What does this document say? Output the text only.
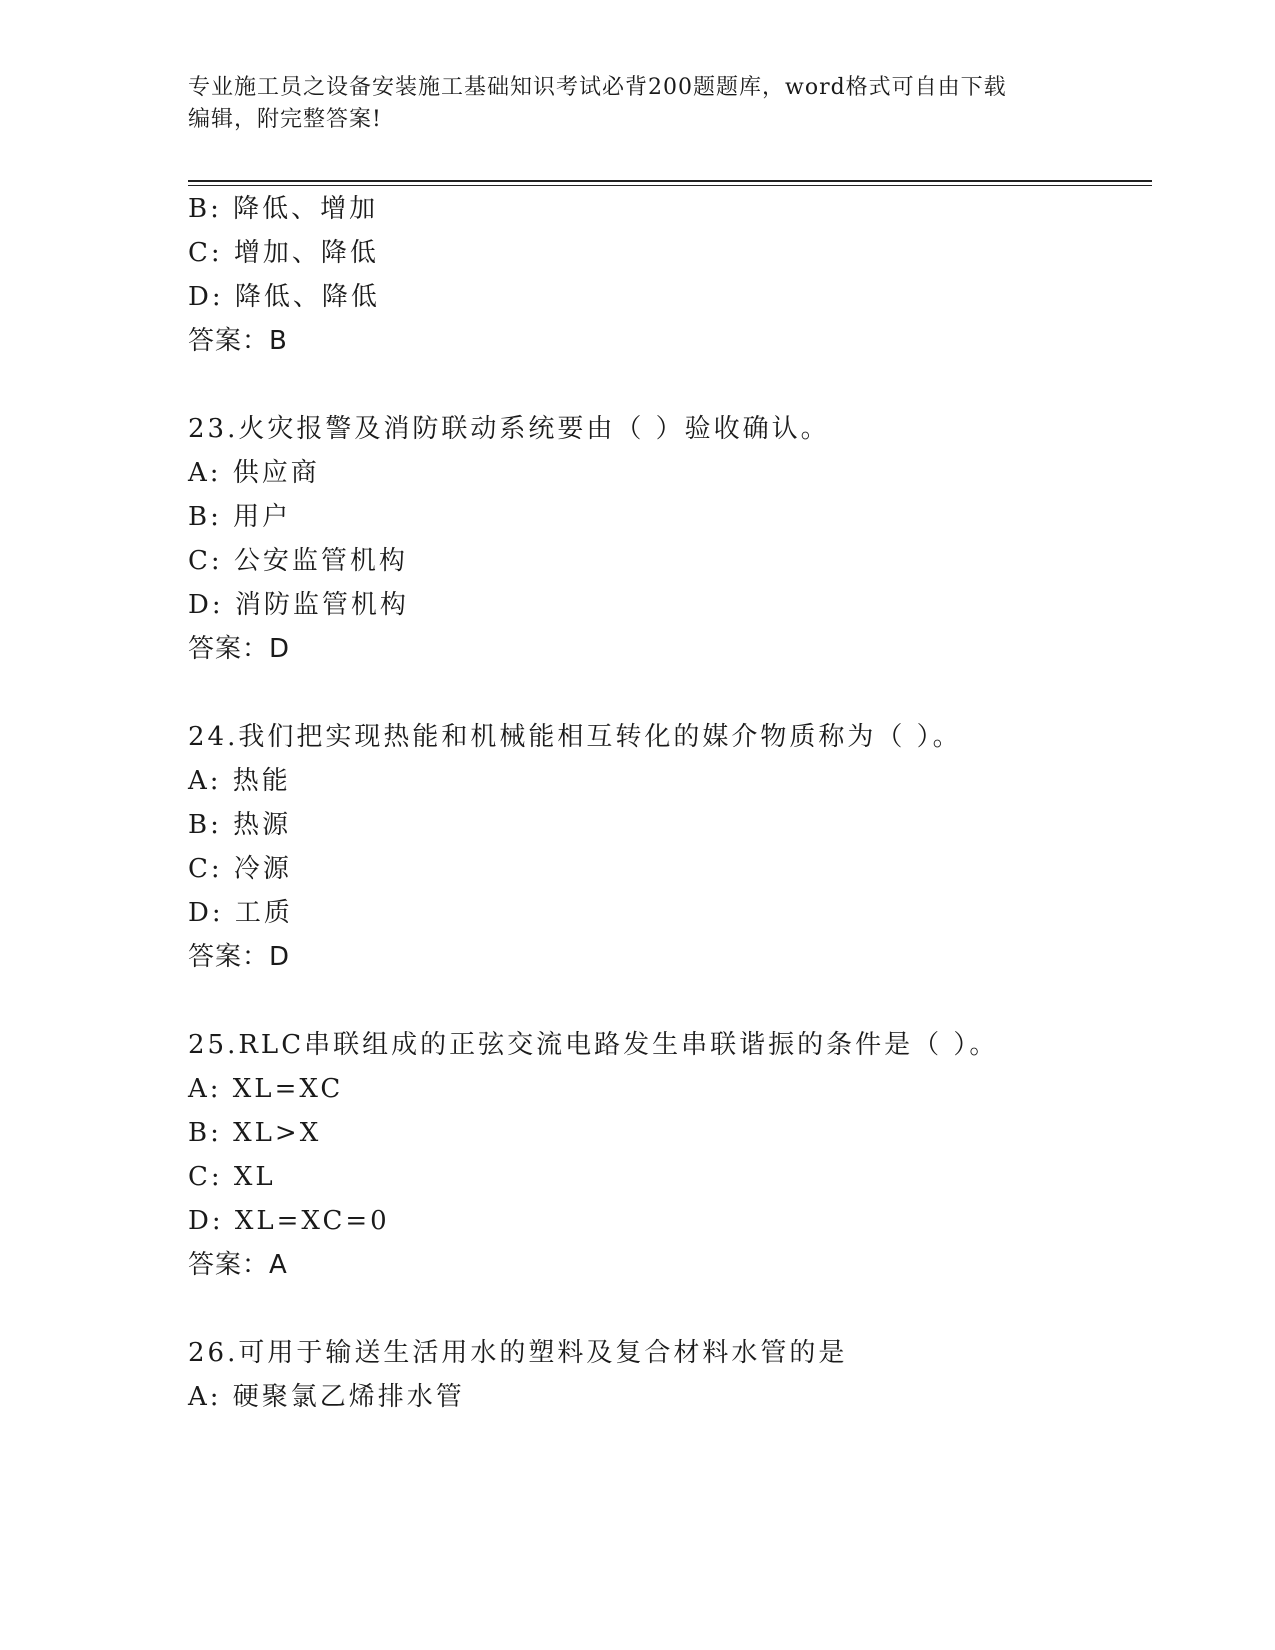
专业施工员之设备安装施工基础知识考试必背200题题库，word格式可自由下载
编辑，附完整答案!
B: 降低、增加
C: 增加、降低
D: 降低、降低
答案：B
23.火灾报警及消防联动系统要由（ ）验收确认。
A: 供应商
B: 用户
C: 公安监管机构
D: 消防监管机构
答案：D
24.我们把实现热能和机械能相互转化的媒介物质称为（ ）。
A: 热能
B: 热源
C: 冷源
D: 工质
答案：D
25.RLC串联组成的正弦交流电路发生串联谐振的条件是（ ）。
A: XL=XC
B: XL>X
C: XL
D: XL=XC=0
答案：A
26.可用于输送生活用水的塑料及复合材料水管的是
A: 硬聚氯乙烯排水管
